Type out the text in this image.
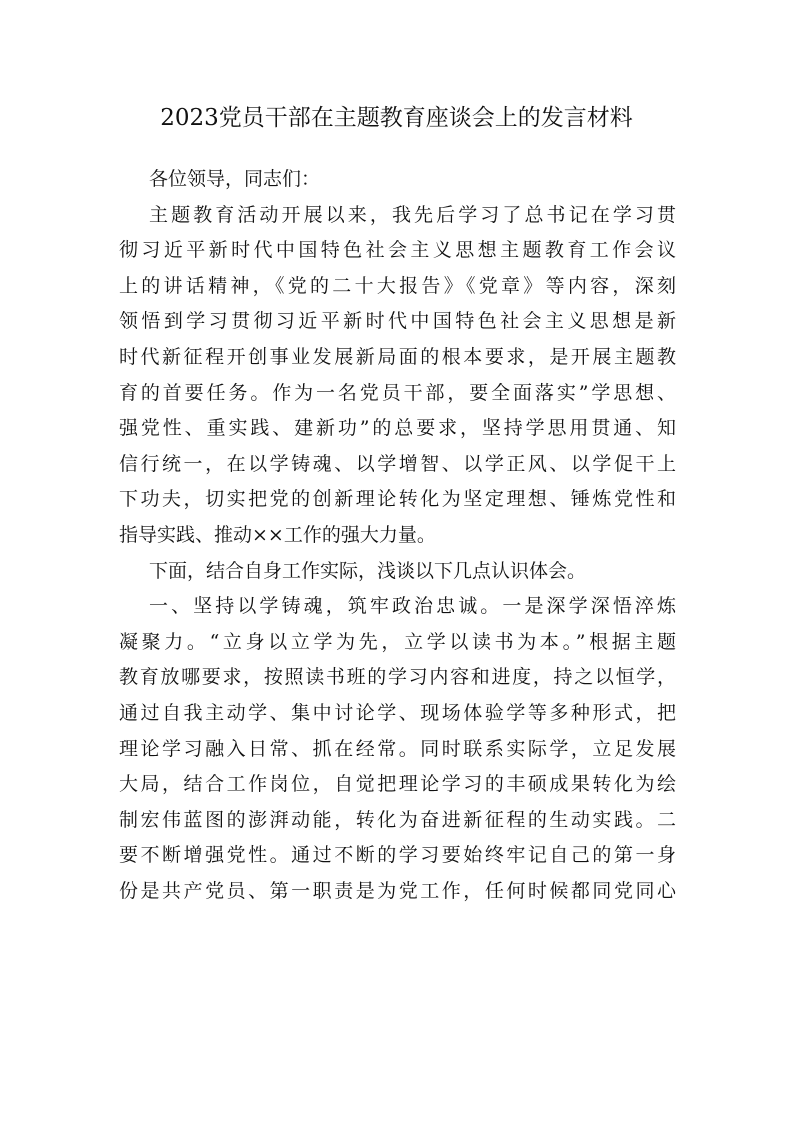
2023党员干部在主题教育座谈会上的发言材料
各位领导，同志们：
主题教育活动开展以来，我先后学习了总书记在学习贯
彻习近平新时代中国特色社会主义思想主题教育工作会议
上的讲话精神，《党的二十大报告》《党章》等内容，深刻
领悟到学习贯彻习近平新时代中国特色社会主义思想是新
时代新征程开创事业发展新局面的根本要求，是开展主题教
育的首要任务。作为一名党员干部，要全面落实”学思想、
强党性、重实践、建新功”的总要求，坚持学思用贯通、知
信行统一，在以学铸魂、以学增智、以学正风、以学促干上
下功夫，切实把党的创新理论转化为坚定理想、锤炼党性和
指导实践、推动××工作的强大力量。
下面，结合自身工作实际，浅谈以下几点认识体会。
一、坚持以学铸魂，筑牢政治忠诚。一是深学深悟淬炼
凝聚力。“立身以立学为先，立学以读书为本。”根据主题
教育放哪要求，按照读书班的学习内容和进度，持之以恒学，
通过自我主动学、集中讨论学、现场体验学等多种形式，把
理论学习融入日常、抓在经常。同时联系实际学，立足发展
大局，结合工作岗位，自觉把理论学习的丰硕成果转化为绘
制宏伟蓝图的澎湃动能，转化为奋进新征程的生动实践。二
要不断增强党性。通过不断的学习要始终牢记自己的第一身
份是共产党员、第一职责是为党工作，任何时候都同党同心
